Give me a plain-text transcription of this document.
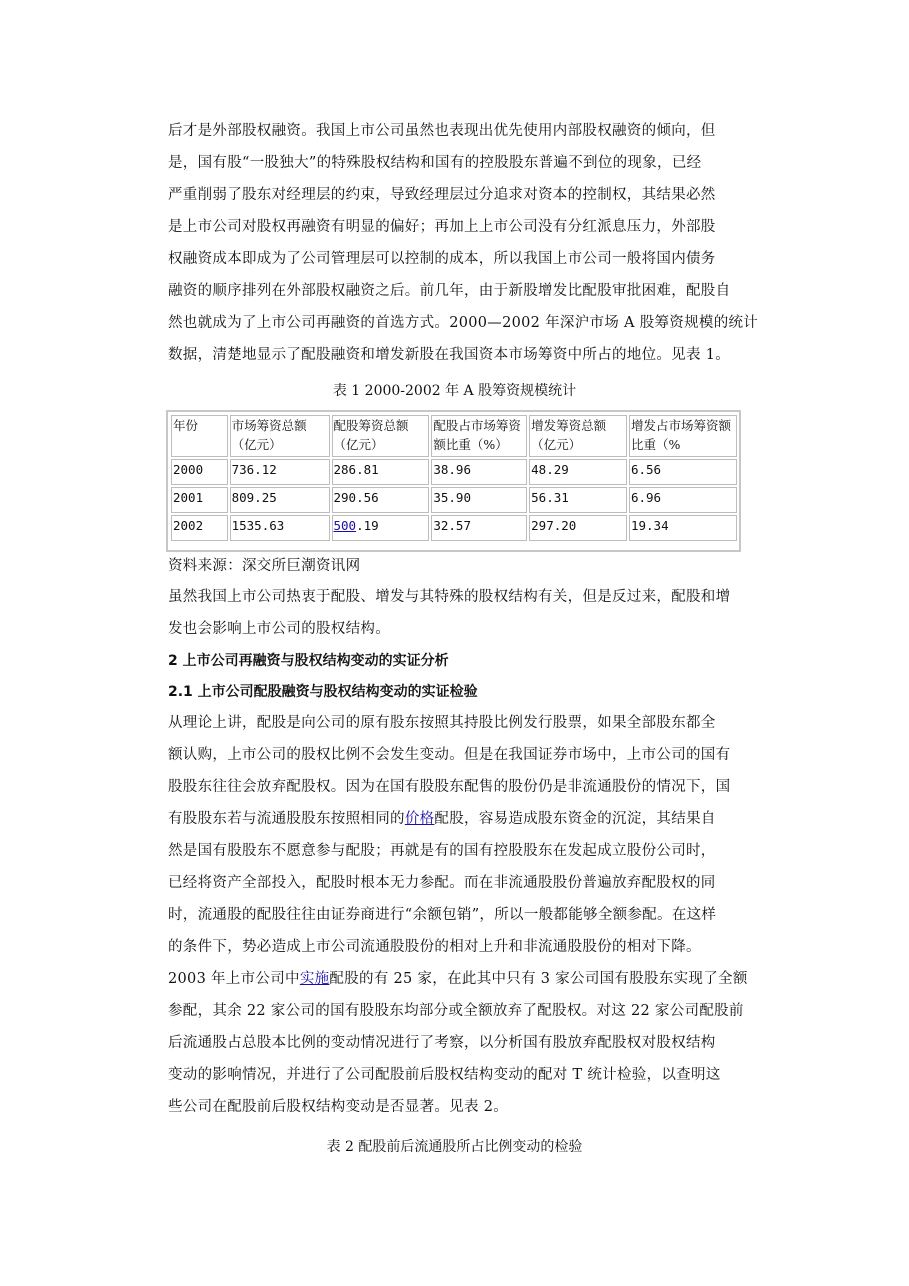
后才是外部股权融资。我国上市公司虽然也表现出优先使用内部股权融资的倾向，但
是，国有股“一股独大”的特殊股权结构和国有的控股股东普遍不到位的现象，已经
严重削弱了股东对经理层的约束，导致经理层过分追求对资本的控制权，其结果必然
是上市公司对股权再融资有明显的偏好；再加上上市公司没有分红派息压力，外部股
权融资成本即成为了公司管理层可以控制的成本，所以我国上市公司一般将国内债务
融资的顺序排列在外部股权融资之后。前几年，由于新股增发比配股审批困难，配股自
然也就成为了上市公司再融资的首选方式。2000—2002 年深沪市场 A 股筹资规模的统计
数据，清楚地显示了配股融资和增发新股在我国资本市场筹资中所占的地位。见表 1。
表 1 2000-2002 年 A 股筹资规模统计
年份	市场筹资总额（亿元）	配股筹资总额（亿元）	配股占市场筹资额比重（%）	增发筹资总额（亿元）	增发占市场筹资额比重（%

2000	736.12	286.81	38.96	48.29	6.56
2001	809.25	290.56	35.90	56.31	6.96
2002	1535.63	500.19	32.57	297.20	19.34
资料来源：深交所巨潮资讯网
虽然我国上市公司热衷于配股、增发与其特殊的股权结构有关，但是反过来，配股和增
发也会影响上市公司的股权结构。
2 上市公司再融资与股权结构变动的实证分析
2.1 上市公司配股融资与股权结构变动的实证检验
从理论上讲，配股是向公司的原有股东按照其持股比例发行股票，如果全部股东都全
额认购，上市公司的股权比例不会发生变动。但是在我国证券市场中，上市公司的国有
股股东往往会放弃配股权。因为在国有股股东配售的股份仍是非流通股份的情况下，国
有股股东若与流通股股东按照相同的价格配股，容易造成股东资金的沉淀，其结果自
然是国有股股东不愿意参与配股；再就是有的国有控股股东在发起成立股份公司时，
已经将资产全部投入，配股时根本无力参配。而在非流通股股份普遍放弃配股权的同
时，流通股的配股往往由证券商进行“余额包销”，所以一般都能够全额参配。在这样
的条件下，势必造成上市公司流通股股份的相对上升和非流通股股份的相对下降。
2003 年上市公司中实施配股的有 25 家，在此其中只有 3 家公司国有股股东实现了全额
参配，其余 22 家公司的国有股股东均部分或全额放弃了配股权。对这 22 家公司配股前
后流通股占总股本比例的变动情况进行了考察，以分析国有股放弃配股权对股权结构
变动的影响情况，并进行了公司配股前后股权结构变动的配对 T 统计检验，以查明这
些公司在配股前后股权结构变动是否显著。见表 2。
表 2 配股前后流通股所占比例变动的检验
